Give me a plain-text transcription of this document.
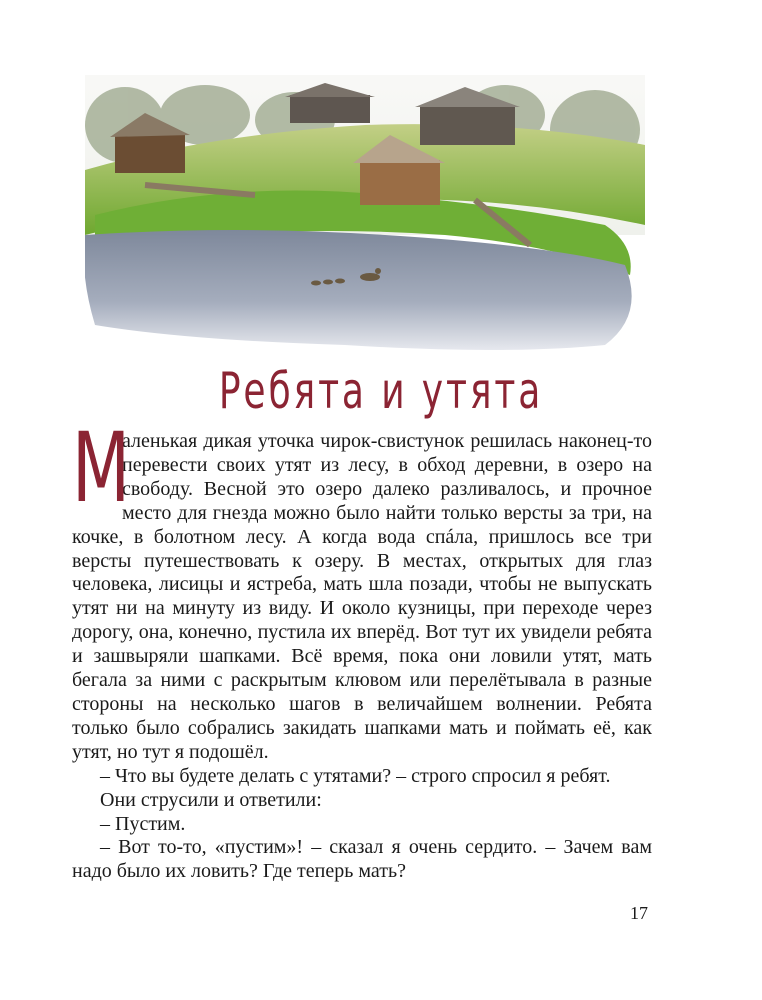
Ребята и утята

М
аленькая дикая уточка чирок-свистунок решилась наконец-то перевести своих утят из лесу, в обход деревни, в озеро на свободу. Весной это озеро далеко разливалось, и прочное место для гнезда можно было найти только версты за три, на кочке, в болотном лесу. А когда вода спáла, пришлось все три версты путешествовать к озеру. В местах, открытых для глаз человека, лисицы и ястреба, мать шла позади, чтобы не выпускать утят ни на минуту из виду. И около кузницы, при переходе через дорогу, она, конечно, пустила их вперёд. Вот тут их увидели ребята и зашвыряли шапками. Всё время, пока они ловили утят, мать бегала за ними с раскрытым клювом или перелётывала в разные стороны на несколько шагов в величайшем волнении. Ребята только было собрались закидать шапками мать и поймать её, как утят, но тут я подошёл.

– Что вы будете делать с утятами? – строго спросил я ребят.

Они струсили и ответили:

– Пустим.

– Вот то-то, «пустим»! – сказал я очень сердито. – Зачем вам надо было их ловить? Где теперь мать?

17
